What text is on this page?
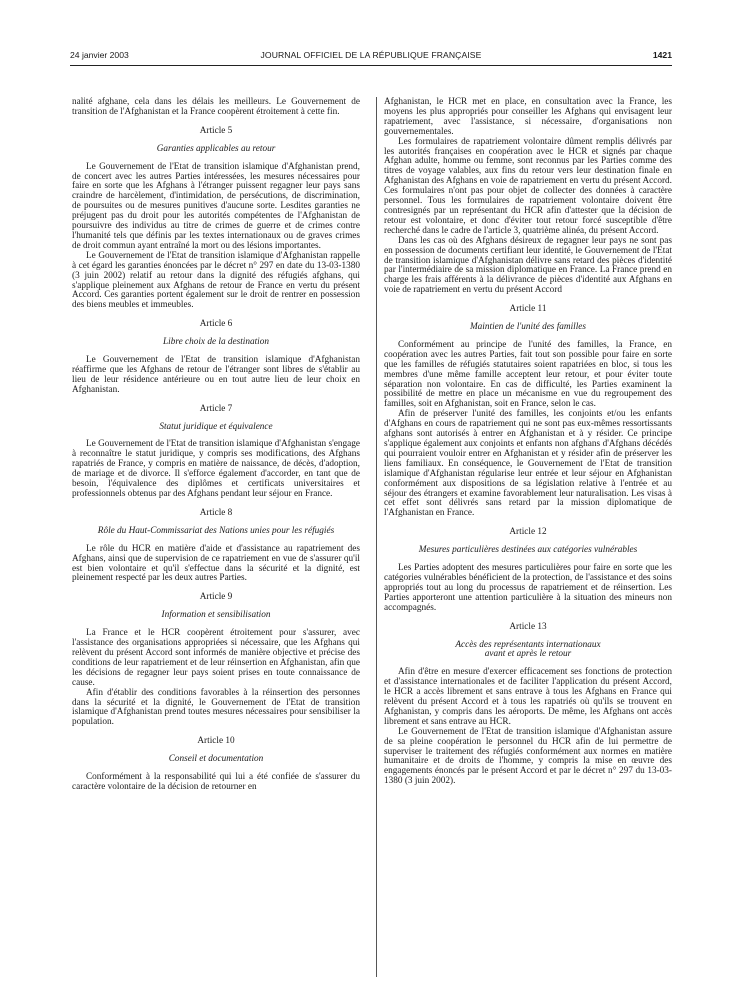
24 janvier 2003	JOURNAL OFFICIEL DE LA RÉPUBLIQUE FRANÇAISE	1421

nalité afghane, cela dans les délais les meilleurs. Le Gouvernement de transition de l'Afghanistan et la France coopèrent étroitement à cette fin.

Article 5
Garanties applicables au retour

Le Gouvernement de l'Etat de transition islamique d'Afghanistan prend, de concert avec les autres Parties intéressées, les mesures nécessaires pour faire en sorte que les Afghans à l'étranger puissent regagner leur pays sans craindre de harcèlement, d'intimidation, de persécutions, de discrimination, de poursuites ou de mesures punitives d'aucune sorte. Lesdites garanties ne préjugent pas du droit pour les autorités compétentes de l'Afghanistan de poursuivre des individus au titre de crimes de guerre et de crimes contre l'humanité tels que définis par les textes internationaux ou de graves crimes de droit commun ayant entraîné la mort ou des lésions importantes.

Le Gouvernement de l'Etat de transition islamique d'Afghanistan rappelle à cet égard les garanties énoncées par le décret n° 297 en date du 13-03-1380 (3 juin 2002) relatif au retour dans la dignité des réfugiés afghans, qui s'applique pleinement aux Afghans de retour de France en vertu du présent Accord. Ces garanties portent également sur le droit de rentrer en possession des biens meubles et immeubles.

Article 6
Libre choix de la destination

Le Gouvernement de l'Etat de transition islamique d'Afghanistan réaffirme que les Afghans de retour de l'étranger sont libres de s'établir au lieu de leur résidence antérieure ou en tout autre lieu de leur choix en Afghanistan.

Article 7
Statut juridique et équivalence

Le Gouvernement de l'Etat de transition islamique d'Afghanistan s'engage à reconnaître le statut juridique, y compris ses modifications, des Afghans rapatriés de France, y compris en matière de naissance, de décès, d'adoption, de mariage et de divorce. Il s'efforce également d'accorder, en tant que de besoin, l'équivalence des diplômes et certificats universitaires et professionnels obtenus par des Afghans pendant leur séjour en France.

Article 8
Rôle du Haut-Commissariat des Nations unies pour les réfugiés

Le rôle du HCR en matière d'aide et d'assistance au rapatriement des Afghans, ainsi que de supervision de ce rapatriement en vue de s'assurer qu'il est bien volontaire et qu'il s'effectue dans la sécurité et la dignité, est pleinement respecté par les deux autres Parties.

Article 9
Information et sensibilisation

La France et le HCR coopèrent étroitement pour s'assurer, avec l'assistance des organisations appropriées si nécessaire, que les Afghans qui relèvent du présent Accord sont informés de manière objective et précise des conditions de leur rapatriement et de leur réinsertion en Afghanistan, afin que les décisions de regagner leur pays soient prises en toute connaissance de cause.

Afin d'établir des conditions favorables à la réinsertion des personnes dans la sécurité et la dignité, le Gouvernement de l'Etat de transition islamique d'Afghanistan prend toutes mesures nécessaires pour sensibiliser la population.

Article 10
Conseil et documentation

Conformément à la responsabilité qui lui a été confiée de s'assurer du caractère volontaire de la décision de retourner en

Afghanistan, le HCR met en place, en consultation avec la France, les moyens les plus appropriés pour conseiller les Afghans qui envisagent leur rapatriement, avec l'assistance, si nécessaire, d'organisations non gouvernementales.

Les formulaires de rapatriement volontaire dûment remplis délivrés par les autorités françaises en coopération avec le HCR et signés par chaque Afghan adulte, homme ou femme, sont reconnus par les Parties comme des titres de voyage valables, aux fins du retour vers leur destination finale en Afghanistan des Afghans en voie de rapatriement en vertu du présent Accord. Ces formulaires n'ont pas pour objet de collecter des données à caractère personnel. Tous les formulaires de rapatriement volontaire doivent être contresignés par un représentant du HCR afin d'attester que la décision de retour est volontaire, et donc d'éviter tout retour forcé susceptible d'être recherché dans le cadre de l'article 3, quatrième alinéa, du présent Accord.

Dans les cas où des Afghans désireux de regagner leur pays ne sont pas en possession de documents certifiant leur identité, le Gouvernement de l'Etat de transition islamique d'Afghanistan délivre sans retard des pièces d'identité par l'intermédiaire de sa mission diplomatique en France. La France prend en charge les frais afférents à la délivrance de pièces d'identité aux Afghans en voie de rapatriement en vertu du présent Accord

Article 11
Maintien de l'unité des familles

Conformément au principe de l'unité des familles, la France, en coopération avec les autres Parties, fait tout son possible pour faire en sorte que les familles de réfugiés statutaires soient rapatriées en bloc, si tous les membres d'une même famille acceptent leur retour, et pour éviter toute séparation non volontaire. En cas de difficulté, les Parties examinent la possibilité de mettre en place un mécanisme en vue du regroupement des familles, soit en Afghanistan, soit en France, selon le cas.

Afin de préserver l'unité des familles, les conjoints et/ou les enfants d'Afghans en cours de rapatriement qui ne sont pas eux-mêmes ressortissants afghans sont autorisés à entrer en Afghanistan et à y résider. Ce principe s'applique également aux conjoints et enfants non afghans d'Afghans décédés qui pourraient vouloir entrer en Afghanistan et y résider afin de préserver les liens familiaux. En conséquence, le Gouvernement de l'Etat de transition islamique d'Afghanistan régularise leur entrée et leur séjour en Afghanistan conformément aux dispositions de sa législation relative à l'entrée et au séjour des étrangers et examine favorablement leur naturalisation. Les visas à cet effet sont délivrés sans retard par la mission diplomatique de l'Afghanistan en France.

Article 12
Mesures particulières destinées aux catégories vulnérables

Les Parties adoptent des mesures particulières pour faire en sorte que les catégories vulnérables bénéficient de la protection, de l'assistance et des soins appropriés tout au long du processus de rapatriement et de réinsertion. Les Parties apporteront une attention particulière à la situation des mineurs non accompagnés.

Article 13
Accès des représentants internationaux
avant et après le retour

Afin d'être en mesure d'exercer efficacement ses fonctions de protection et d'assistance internationales et de faciliter l'application du présent Accord, le HCR a accès librement et sans entrave à tous les Afghans en France qui relèvent du présent Accord et à tous les rapatriés où qu'ils se trouvent en Afghanistan, y compris dans les aéroports. De même, les Afghans ont accès librement et sans entrave au HCR.

Le Gouvernement de l'Etat de transition islamique d'Afghanistan assure de sa pleine coopération le personnel du HCR afin de lui permettre de superviser le traitement des réfugiés conformément aux normes en matière humanitaire et de droits de l'homme, y compris la mise en œuvre des engagements énoncés par le présent Accord et par le décret n° 297 du 13-03-1380 (3 juin 2002).
